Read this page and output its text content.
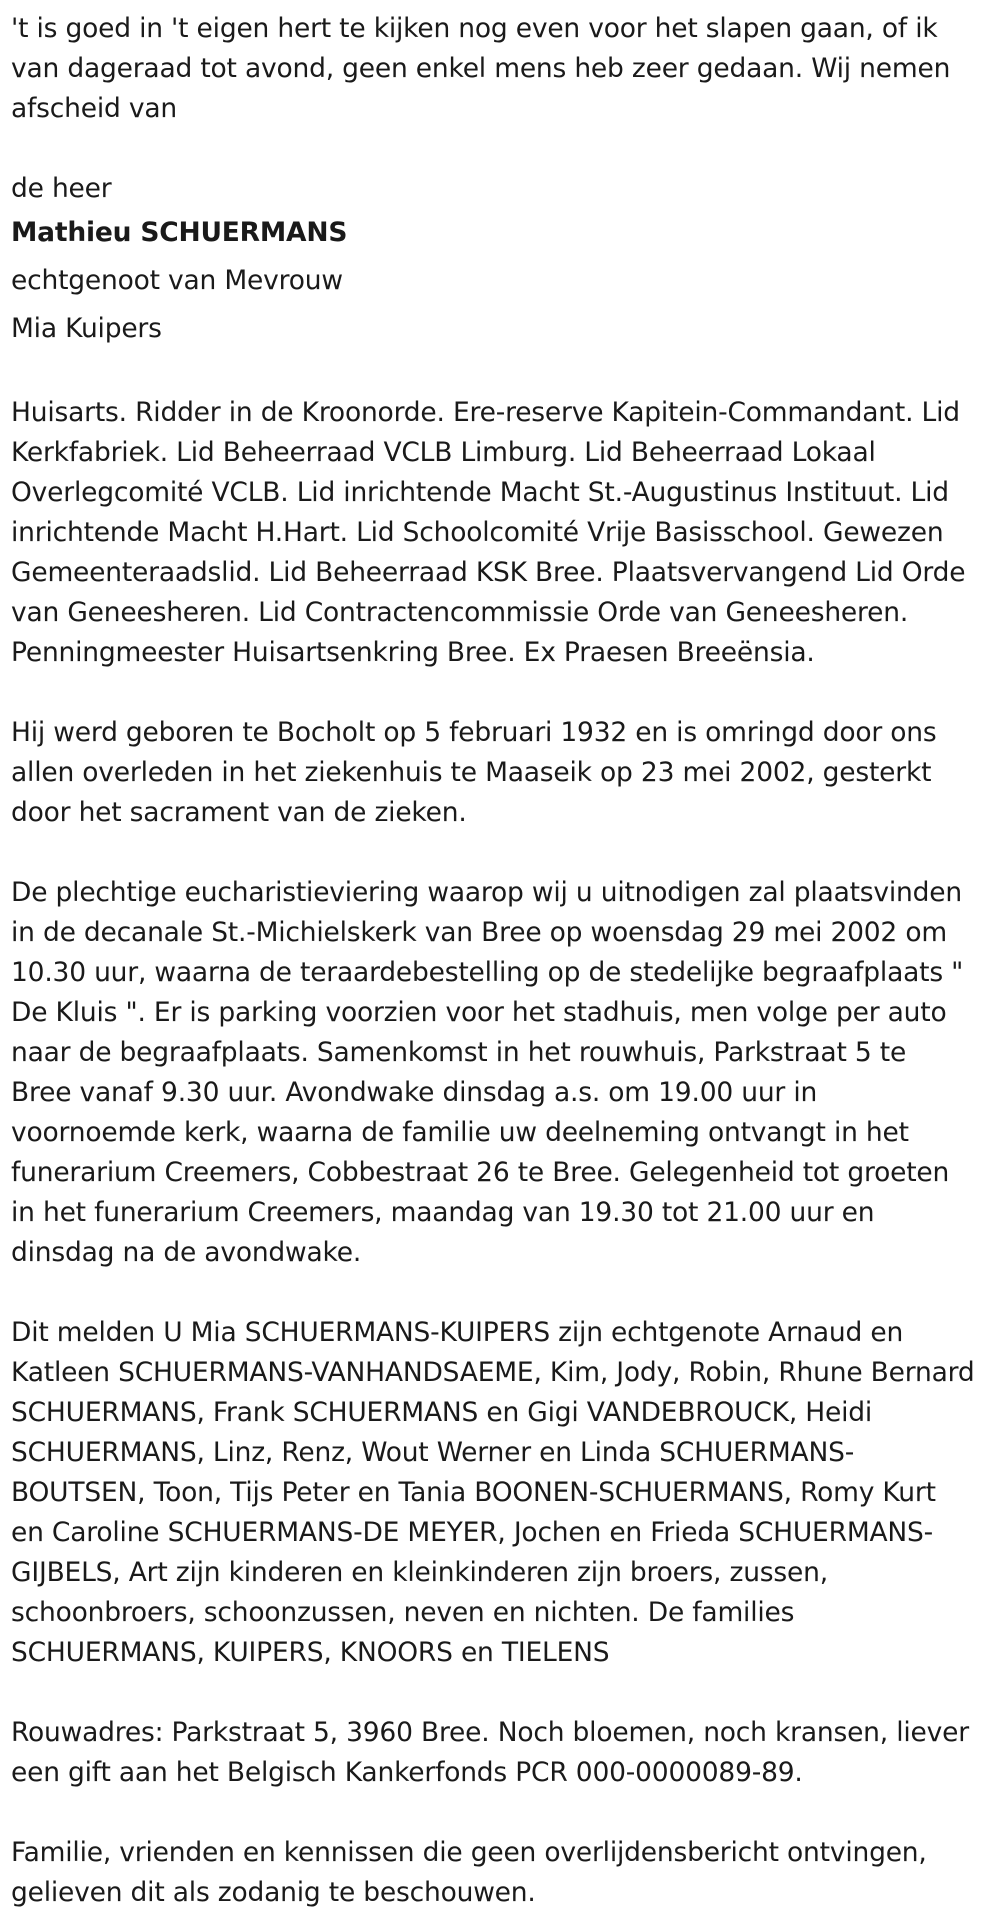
't is goed in 't eigen hert te kijken nog even voor het slapen gaan, of ik
van dageraad tot avond, geen enkel mens heb zeer gedaan. Wij nemen
afscheid van

de heer

Mathieu SCHUERMANS

echtgenoot van Mevrouw

Mia Kuipers

Huisarts. Ridder in de Kroonorde. Ere-reserve Kapitein-Commandant. Lid
Kerkfabriek. Lid Beheerraad VCLB Limburg. Lid Beheerraad Lokaal
Overlegcomité VCLB. Lid inrichtende Macht St.-Augustinus Instituut. Lid
inrichtende Macht H.Hart. Lid Schoolcomité Vrije Basisschool. Gewezen
Gemeenteraadslid. Lid Beheerraad KSK Bree. Plaatsvervangend Lid Orde
van Geneesheren. Lid Contractencommissie Orde van Geneesheren.
Penningmeester Huisartsenkring Bree. Ex Praesen Breeënsia.

Hij werd geboren te Bocholt op 5 februari 1932 en is omringd door ons
allen overleden in het ziekenhuis te Maaseik op 23 mei 2002, gesterkt
door het sacrament van de zieken.

De plechtige eucharistieviering waarop wij u uitnodigen zal plaatsvinden
in de decanale St.-Michielskerk van Bree op woensdag 29 mei 2002 om
10.30 uur, waarna de teraardebestelling op de stedelijke begraafplaats "
De Kluis ". Er is parking voorzien voor het stadhuis, men volge per auto
naar de begraafplaats. Samenkomst in het rouwhuis, Parkstraat 5 te
Bree vanaf 9.30 uur. Avondwake dinsdag a.s. om 19.00 uur in
voornoemde kerk, waarna de familie uw deelneming ontvangt in het
funerarium Creemers, Cobbestraat 26 te Bree. Gelegenheid tot groeten
in het funerarium Creemers, maandag van 19.30 tot 21.00 uur en
dinsdag na de avondwake.

Dit melden U Mia SCHUERMANS-KUIPERS zijn echtgenote Arnaud en
Katleen SCHUERMANS-VANHANDSAEME, Kim, Jody, Robin, Rhune Bernard
SCHUERMANS, Frank SCHUERMANS en Gigi VANDEBROUCK, Heidi
SCHUERMANS, Linz, Renz, Wout Werner en Linda SCHUERMANS-
BOUTSEN, Toon, Tijs Peter en Tania BOONEN-SCHUERMANS, Romy Kurt
en Caroline SCHUERMANS-DE MEYER, Jochen en Frieda SCHUERMANS-
GIJBELS, Art zijn kinderen en kleinkinderen zijn broers, zussen,
schoonbroers, schoonzussen, neven en nichten. De families
SCHUERMANS, KUIPERS, KNOORS en TIELENS

Rouwadres: Parkstraat 5, 3960 Bree. Noch bloemen, noch kransen, liever
een gift aan het Belgisch Kankerfonds PCR 000-0000089-89.

Familie, vrienden en kennissen die geen overlijdensbericht ontvingen,
gelieven dit als zodanig te beschouwen.
